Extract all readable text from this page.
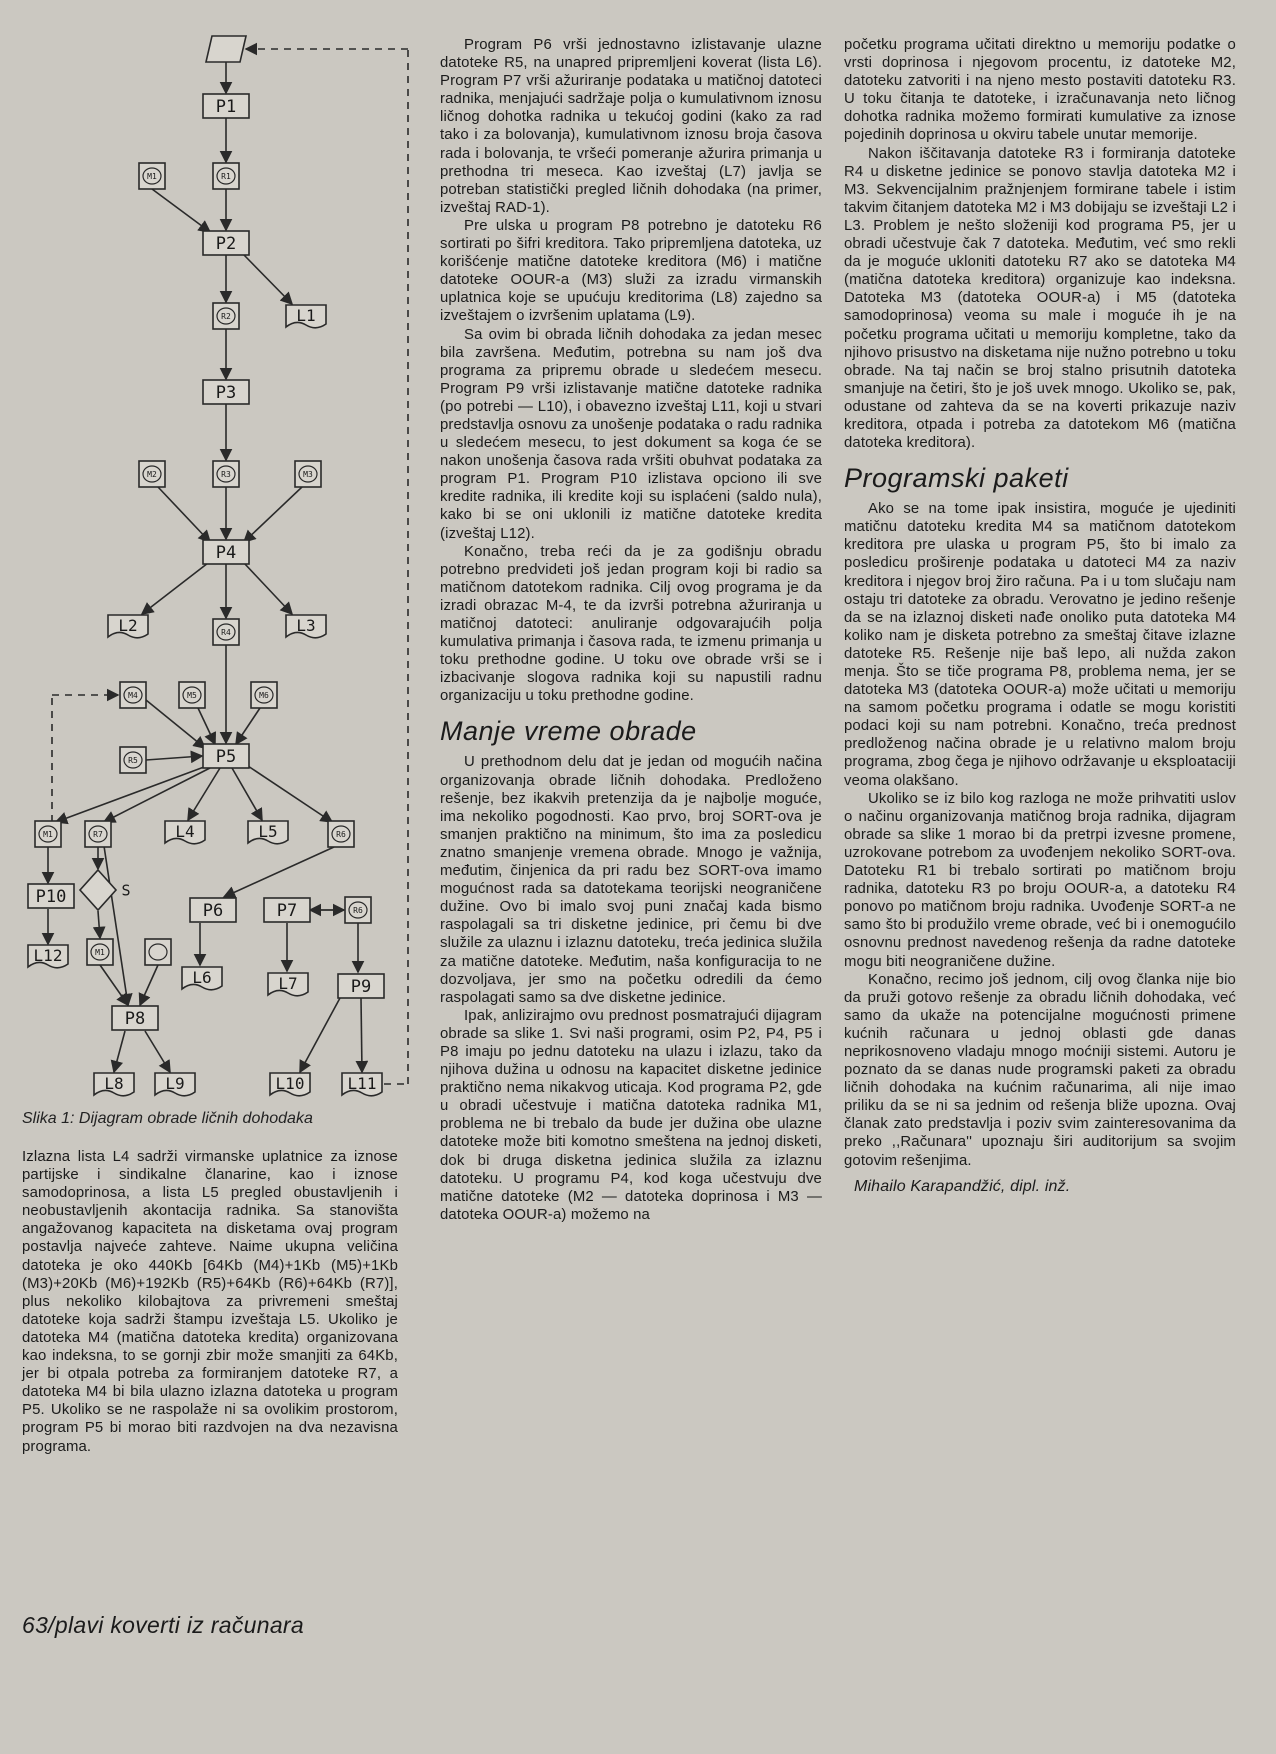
P1
P2
P3
P4
P5
P6	P7
P8
P9
P10
M1	R1
R2
R3
M2	M3
R4
M4	M5	M6
R5
R6
R7
M1
R6
M1
L1
L2	L3
L4	L5
L6	L7
L12
L8	L9	L10	L11
S
Slika 1: Dijagram obrade ličnih dohodaka

Izlazna lista L4 sadrži virmanske uplatnice za iznose partijske i sindikalne članarine, kao i iznose samodoprinosa, a lista L5 pregled obustavljenih i neobustavljenih akontacija radnika. Sa stanovišta angažovanog kapaciteta na disketama ovaj program postavlja najveće zahteve. Naime ukupna veličina datoteka je oko 440Kb [64Kb (M4)+1Kb (M5)+1Kb (M3)+20Kb (M6)+192Kb (R5)+64Kb (R6)+64Kb (R7)], plus nekoliko kilobajtova za privremeni smeštaj datoteke koja sadrži štampu izveštaja L5. Ukoliko je datoteka M4 (matična datoteka kredita) organizovana kao indeksna, to se gornji zbir može smanjiti za 64Kb, jer bi otpala potreba za formiranjem datoteke R7, a datoteka M4 bi bila ulazno izlazna datoteka u program P5. Ukoliko se ne raspolaže ni sa ovolikim prostorom, program P5 bi morao biti razdvojen na dva nezavisna programa.

Program P6 vrši jednostavno izlistavanje ulazne datoteke R5, na unapred pripremljeni koverat (lista L6). Program P7 vrši ažuriranje podataka u matičnoj datoteci radnika, menjajući sadržaje polja o kumulativnom iznosu ličnog dohotka radnika u tekućoj godini (kako za rad tako i za bolovanja), kumulativnom iznosu broja časova rada i bolovanja, te vršeći pomeranje ažurira primanja u prethodna tri meseca. Kao izveštaj (L7) javlja se potreban statistički pregled ličnih dohodaka (na primer, izveštaj RAD-1).

Pre ulska u program P8 potrebno je datoteku R6 sortirati po šifri kreditora. Tako pripremljena datoteka, uz korišćenje matične datoteke kreditora (M6) i matične datoteke OOUR-a (M3) služi za izradu virmanskih uplatnica koje se upućuju kreditorima (L8) zajedno sa izveštajem o izvršenim uplatama (L9).

Sa ovim bi obrada ličnih dohodaka za jedan mesec bila završena. Međutim, potrebna su nam još dva programa za pripremu obrade u sledećem mesecu. Program P9 vrši izlistavanje matične datoteke radnika (po potrebi — L10), i obavezno izveštaj L11, koji u stvari predstavlja osnovu za unošenje podataka o radu radnika u sledećem mesecu, to jest dokument sa koga će se nakon unošenja časova rada vršiti obuhvat podataka za program P1. Program P10 izlistava opciono ili sve kredite radnika, ili kredite koji su isplaćeni (saldo nula), kako bi se oni uklonili iz matične datoteke kredita (izveštaj L12).

Konačno, treba reći da je za godišnju obradu potrebno predvideti još jedan program koji bi radio sa matičnom datotekom radnika. Cilj ovog programa je da izradi obrazac M-4, te da izvrši potrebna ažuriranja u matičnoj datoteci: anuliranje odgovarajućih polja kumulativa primanja i časova rada, te izmenu primanja u toku prethodne godine. U toku ove obrade vrši se i izbacivanje slogova radnika koji su napustili radnu organizaciju u toku prethodne godine.

Manje vreme obrade

U prethodnom delu dat je jedan od mogućih načina organizovanja obrade ličnih dohodaka. Predloženo rešenje, bez ikakvih pretenzija da je najbolje moguće, ima nekoliko pogodnosti. Kao prvo, broj SORT-ova je smanjen praktično na minimum, što ima za posledicu znatno smanjenje vremena obrade. Mnogo je važnija, međutim, činjenica da pri radu bez SORT-ova imamo mogućnost rada sa datotekama teorijski neograničene dužine. Ovo bi imalo svoj puni značaj kada bismo raspolagali sa tri disketne jedinice, pri čemu bi dve služile za ulaznu i izlaznu datoteku, treća jedinica služila za matične datoteke. Međutim, naša konfiguracija to ne dozvoljava, jer smo na početku odredili da ćemo raspolagati samo sa dve disketne jedinice.

Ipak, anlizirajmo ovu prednost posmatrajući dijagram obrade sa slike 1. Svi naši programi, osim P2, P4, P5 i P8 imaju po jednu datoteku na ulazu i izlazu, tako da njihova dužina u odnosu na kapacitet disketne jedinice praktično nema nikakvog uticaja. Kod programa P2, gde u obradi učestvuje i matična datoteka radnika M1, problema ne bi trebalo da bude jer dužina obe ulazne datoteke može biti komotno smeštena na jednoj disketi, dok bi druga disketna jedinica služila za izlaznu datoteku. U programu P4, kod koga učestvuju dve matične datoteke (M2 — datoteka doprinosa i M3 — datoteka OOUR-a) možemo na

početku programa učitati direktno u memoriju podatke o vrsti doprinosa i njegovom procentu, iz datoteke M2, datoteku zatvoriti i na njeno mesto postaviti datoteku R3. U toku čitanja te datoteke, i izračunavanja neto ličnog dohotka radnika možemo formirati kumulative za iznose pojedinih doprinosa u okviru tabele unutar memorije.

Nakon iščitavanja datoteke R3 i formiranja datoteke R4 u disketne jedinice se ponovo stavlja datoteka M2 i M3. Sekvencijalnim pražnjenjem formirane tabele i istim takvim čitanjem datoteka M2 i M3 dobijaju se izveštaji L2 i L3. Problem je nešto složeniji kod programa P5, jer u obradi učestvuje čak 7 datoteka. Međutim, već smo rekli da je moguće ukloniti datoteku R7 ako se datoteka M4 (matična datoteka kreditora) organizuje kao indeksna. Datoteka M3 (datoteka OOUR-a) i M5 (datoteka samodoprinosa) veoma su male i moguće ih je na početku programa učitati u memoriju kompletne, tako da njihovo prisustvo na disketama nije nužno potrebno u toku obrade. Na taj način se broj stalno prisutnih datoteka smanjuje na četiri, što je još uvek mnogo. Ukoliko se, pak, odustane od zahteva da se na koverti prikazuje naziv kreditora, otpada i potreba za datotekom M6 (matična datoteka kreditora).

Programski paketi

Ako se na tome ipak insistira, moguće je ujediniti matičnu datoteku kredita M4 sa matičnom datotekom kreditora pre ulaska u program P5, što bi imalo za posledicu proširenje podataka u datoteci M4 za naziv kreditora i njegov broj žiro računa. Pa i u tom slučaju nam ostaju tri datoteke za obradu. Verovatno je jedino rešenje da se na izlaznoj disketi nađe onoliko puta datoteka M4 koliko nam je disketa potrebno za smeštaj čitave izlazne datoteke R5. Rešenje nije baš lepo, ali nužda zakon menja. Što se tiče programa P8, problema nema, jer se datoteka M3 (datoteka OOUR-a) može učitati u memoriju na samom početku programa i odatle se mogu koristiti podaci koji su nam potrebni. Konačno, treća prednost predloženog načina obrade je u relativno malom broju programa, zbog čega je njihovo održavanje u eksploataciji veoma olakšano.

Ukoliko se iz bilo kog razloga ne može prihvatiti uslov o načinu organizovanja matičnog broja radnika, dijagram obrade sa slike 1 morao bi da pretrpi izvesne promene, uzrokovane potrebom za uvođenjem nekoliko SORT-ova. Datoteku R1 bi trebalo sortirati po matičnom broju radnika, datoteku R3 po broju OOUR-a, a datoteku R4 ponovo po matičnom broju radnika. Uvođenje SORT-a ne samo što bi produžilo vreme obrade, već bi i onemogućilo osnovnu prednost navedenog rešenja da radne datoteke mogu biti neograničene dužine.

Konačno, recimo još jednom, cilj ovog članka nije bio da pruži gotovo rešenje za obradu ličnih dohodaka, već samo da ukaže na potencijalne mogućnosti primene kućnih računara u jednoj oblasti gde danas neprikosnoveno vladaju mnogo moćniji sistemi. Autoru je poznato da se danas nude programski paketi za obradu ličnih dohodaka na kućnim računarima, ali nije imao priliku da se ni sa jednim od rešenja bliže upozna. Ovaj članak zato predstavlja i poziv svim zainteresovanima da preko ,,Računara'' upoznaju širi auditorijum sa svojim gotovim rešenjima.

Mihailo Karapandžić, dipl. inž.

63/plavi koverti iz računara
